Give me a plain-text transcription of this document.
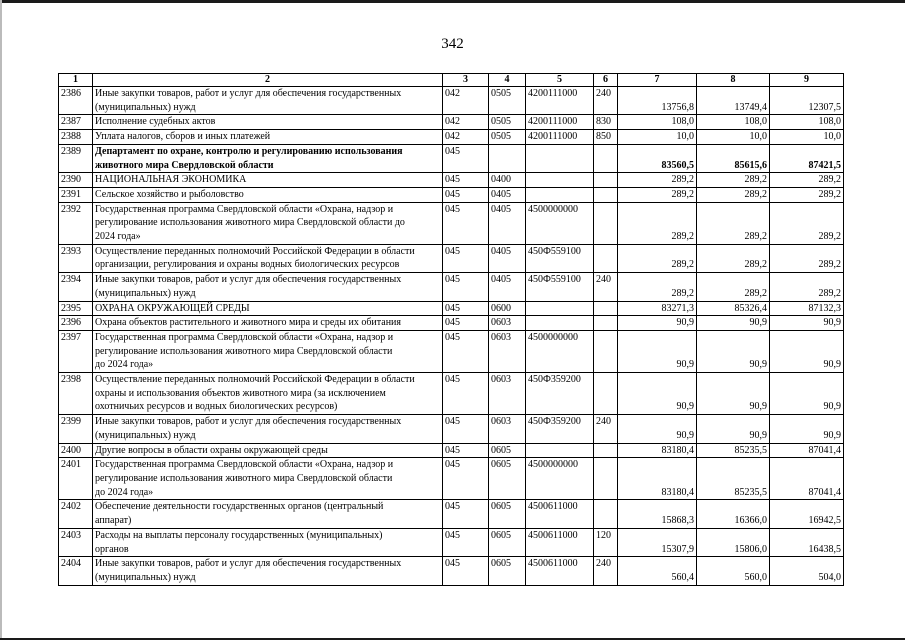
342
1	2	3	4	5	6	7	8	9
2386	Иные закупки товаров, работ и услуг для обеспечения государственных
(муниципальных) нужд	042	0505	4200111000	240	13756,8	13749,4	12307,5
2387	Исполнение судебных актов	042	0505	4200111000	830	108,0	108,0	108,0
2388	Уплата налогов, сборов и иных платежей	042	0505	4200111000	850	10,0	10,0	10,0
2389	Департамент по охране, контролю и регулированию использования
животного мира Свердловской области	045				83560,5	85615,6	87421,5
2390	НАЦИОНАЛЬНАЯ ЭКОНОМИКА	045	0400			289,2	289,2	289,2
2391	Сельское хозяйство и рыболовство	045	0405			289,2	289,2	289,2
2392	Государственная программа Свердловской области «Охрана, надзор и
регулирование использования животного мира Свердловской области до
2024 года»	045	0405	4500000000		289,2	289,2	289,2
2393	Осуществление переданных полномочий Российской Федерации в области
организации, регулирования и охраны водных биологических ресурсов	045	0405	450Ф559100		289,2	289,2	289,2
2394	Иные закупки товаров, работ и услуг для обеспечения государственных
(муниципальных) нужд	045	0405	450Ф559100	240	289,2	289,2	289,2
2395	ОХРАНА ОКРУЖАЮЩЕЙ СРЕДЫ	045	0600			83271,3	85326,4	87132,3
2396	Охрана объектов растительного и животного мира и среды их обитания	045	0603			90,9	90,9	90,9
2397	Государственная программа Свердловской области «Охрана, надзор и
регулирование использования животного мира Свердловской области
до 2024 года»	045	0603	4500000000		90,9	90,9	90,9
2398	Осуществление переданных полномочий Российской Федерации в области
охраны и использования объектов животного мира (за исключением
охотничьих ресурсов и водных биологических ресурсов)	045	0603	450Ф359200		90,9	90,9	90,9
2399	Иные закупки товаров, работ и услуг для обеспечения государственных
(муниципальных) нужд	045	0603	450Ф359200	240	90,9	90,9	90,9
2400	Другие вопросы в области охраны окружающей среды	045	0605			83180,4	85235,5	87041,4
2401	Государственная программа Свердловской области «Охрана, надзор и
регулирование использования животного мира Свердловской области
до 2024 года»	045	0605	4500000000		83180,4	85235,5	87041,4
2402	Обеспечение деятельности государственных органов (центральный
аппарат)	045	0605	4500611000		15868,3	16366,0	16942,5
2403	Расходы на выплаты персоналу государственных (муниципальных)
органов	045	0605	4500611000	120	15307,9	15806,0	16438,5
2404	Иные закупки товаров, работ и услуг для обеспечения государственных
(муниципальных) нужд	045	0605	4500611000	240	560,4	560,0	504,0
